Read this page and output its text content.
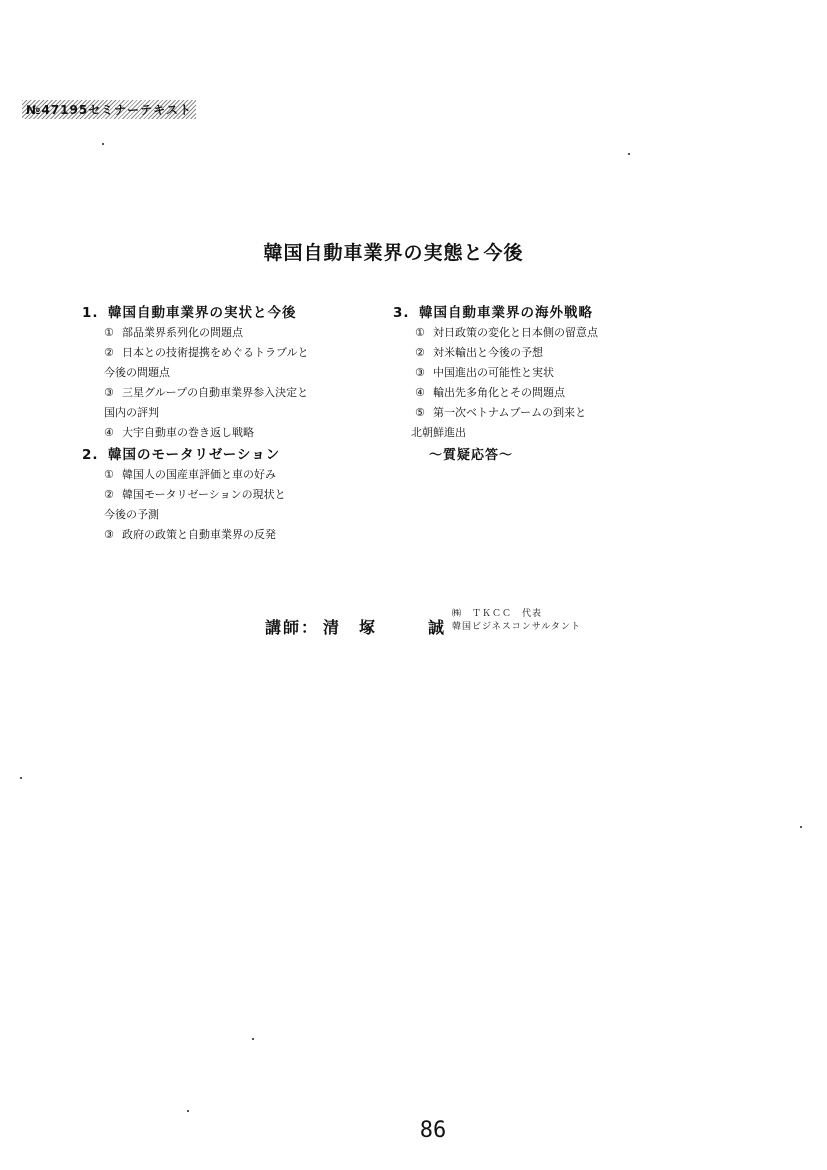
№47195セミナーテキスト
韓国自動車業界の実態と今後
1. 韓国自動車業界の実状と今後
① 部品業界系列化の問題点
② 日本との技術提携をめぐるトラブルと
今後の問題点
③ 三星グループの自動車業界参入決定と
国内の評判
④ 大宇自動車の巻き返し戦略
2. 韓国のモータリゼーション
① 韓国人の国産車評価と車の好み
② 韓国モータリゼーションの現状と
今後の予測
③ 政府の政策と自動車業界の反発
3. 韓国自動車業界の海外戦略
① 対日政策の変化と日本側の留意点
② 対米輸出と今後の予想
③ 中国進出の可能性と実状
④ 輸出先多角化とその問題点
⑤ 第一次ベトナムブームの到来と
北朝鮮進出
〜質疑応答〜
講師： 清　塚	誠
㈱　ＴＫＣＣ　代表
韓国ビジネスコンサルタント
86
